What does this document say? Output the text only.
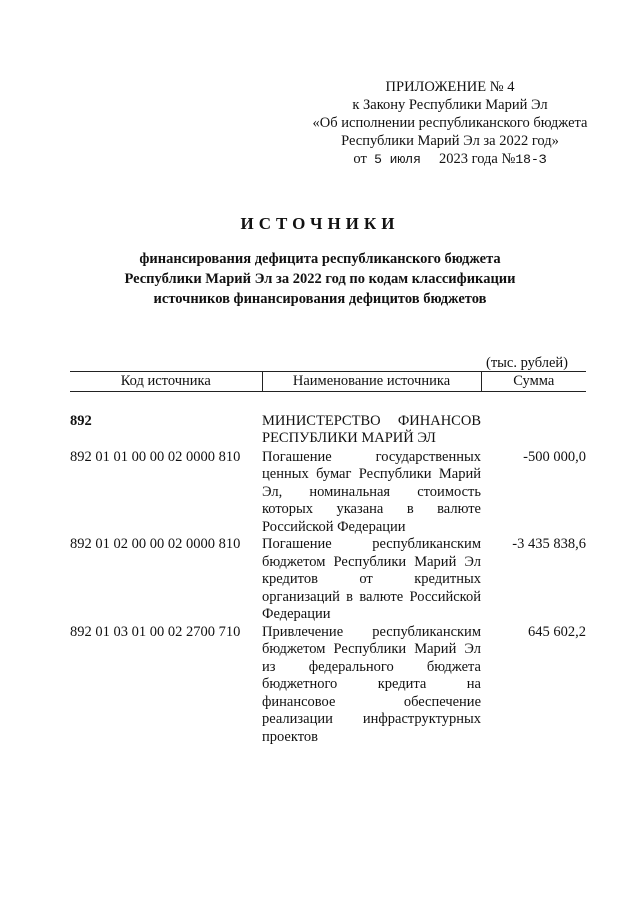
ПРИЛОЖЕНИЕ № 4
к Закону Республики Марий Эл
«Об исполнении республиканского бюджета
Республики Марий Эл за 2022 год»
от 5 июля 2023 года №18-З
ИСТОЧНИКИ
финансирования дефицита республиканского бюджета
Республики Марий Эл за 2022 год по кодам классификации
источников финансирования дефицитов бюджетов
(тыс. рублей)
Код источника	Наименование источника	Сумма

892	МИНИСТЕРСТВО ФИНАНСОВ РЕСПУБЛИКИ МАРИЙ ЭЛ	
892 01 01 00 00 02 0000 810	Погашение государственных ценных бумаг Республики Марий Эл, номинальная стоимость которых указана в валюте Российской Федерации	-500 000,0
892 01 02 00 00 02 0000 810	Погашение республиканским бюджетом Республики Марий Эл кредитов от кредитных организаций в валюте Российской Федерации	-3 435 838,6
892 01 03 01 00 02 2700 710	Привлечение республиканским бюджетом Республики Марий Эл из федерального бюджета бюджетного кредита на финансовое обеспечение реализации инфраструктурных проектов	645 602,2
